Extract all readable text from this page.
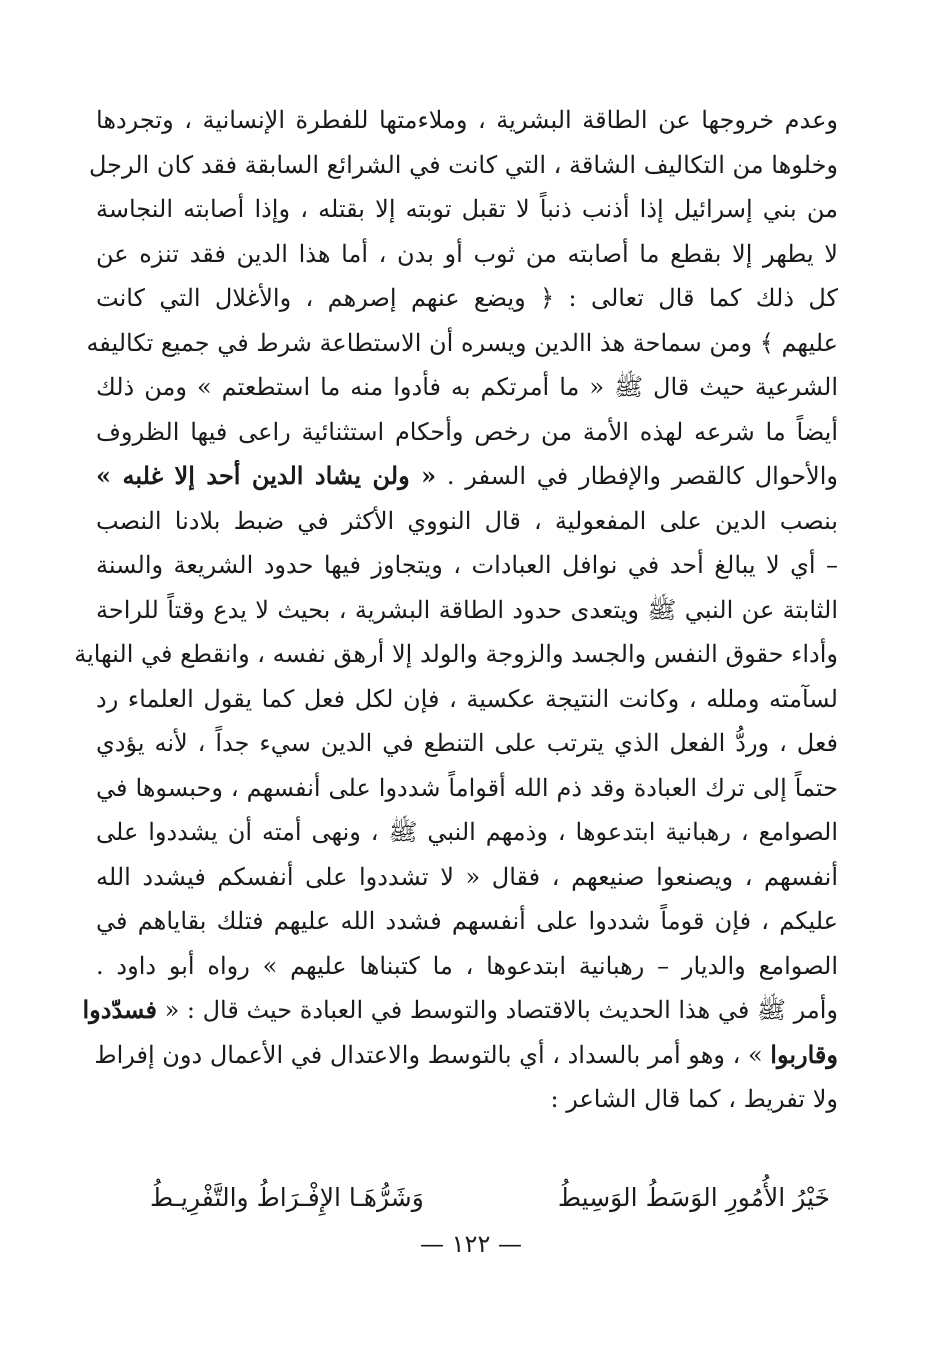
وعدم خروجها عن الطاقة البشرية ، وملاءمتها للفطرة الإنسانية ، وتجردها
وخلوها من التكاليف الشاقة ، التي كانت في الشرائع السابقة فقد كان الرجل
من بني إسرائيل إذا أذنب ذنباً لا تقبل توبته إلا بقتله ، وإذا أصابته النجاسة
لا يطهر إلا بقطع ما أصابته من ثوب أو بدن ، أما هذا الدين فقد تنزه عن
كل ذلك كما قال تعالى : ﴿ ويضع عنهم إصرهم ، والأغلال التي كانت
عليهم ﴾ ومن سماحة هذ االدين ويسره أن الاستطاعة شرط في جميع تكاليفه
الشرعية حيث قال ﷺ « ما أمرتكم به فأدوا منه ما استطعتم » ومن ذلك
أيضاً ما شرعه لهذه الأمة من رخص وأحكام استثنائية راعى فيها الظروف
والأحوال كالقصر والإفطار في السفر . « ولن يشاد الدين أحد إلا غلبه »
بنصب الدين على المفعولية ، قال النووي الأكثر في ضبط بلادنا النصب
– أي لا يبالغ أحد في نوافل العبادات ، ويتجاوز فيها حدود الشريعة والسنة
الثابتة عن النبي ﷺ ويتعدى حدود الطاقة البشرية ، بحيث لا يدع وقتاً للراحة
وأداء حقوق النفس والجسد والزوجة والولد إلا أرهق نفسه ، وانقطع في النهاية
لسآمته وملله ، وكانت النتيجة عكسية ، فإن لكل فعل كما يقول العلماء رد
فعل ، وردُّ الفعل الذي يترتب على التنطع في الدين سيء جداً ، لأنه يؤدي
حتماً إلى ترك العبادة وقد ذم الله أقواماً شددوا على أنفسهم ، وحبسوها في
الصوامع ، رهبانية ابتدعوها ، وذمهم النبي ﷺ ، ونهى أمته أن يشددوا على
أنفسهم ، ويصنعوا صنيعهم ، فقال « لا تشددوا على أنفسكم فيشدد الله
عليكم ، فإن قوماً شددوا على أنفسهم فشدد الله عليهم فتلك بقاياهم في
الصوامع والديار – رهبانية ابتدعوها ، ما كتبناها عليهم » رواه أبو داود .
وأمر ﷺ في هذا الحديث بالاقتصاد والتوسط في العبادة حيث قال : « فسدّدوا
وقاربوا » ، وهو أمر بالسداد ، أي بالتوسط والاعتدال في الأعمال دون إفراط
ولا تفريط ، كما قال الشاعر :
خَيْرُ الأُمُورِ الوَسَطُ الوَسِيطُ
وَشَرُّهَـا الإِفْـرَاطُ والتَّفْرِيـطُ
— ١٢٢ —
